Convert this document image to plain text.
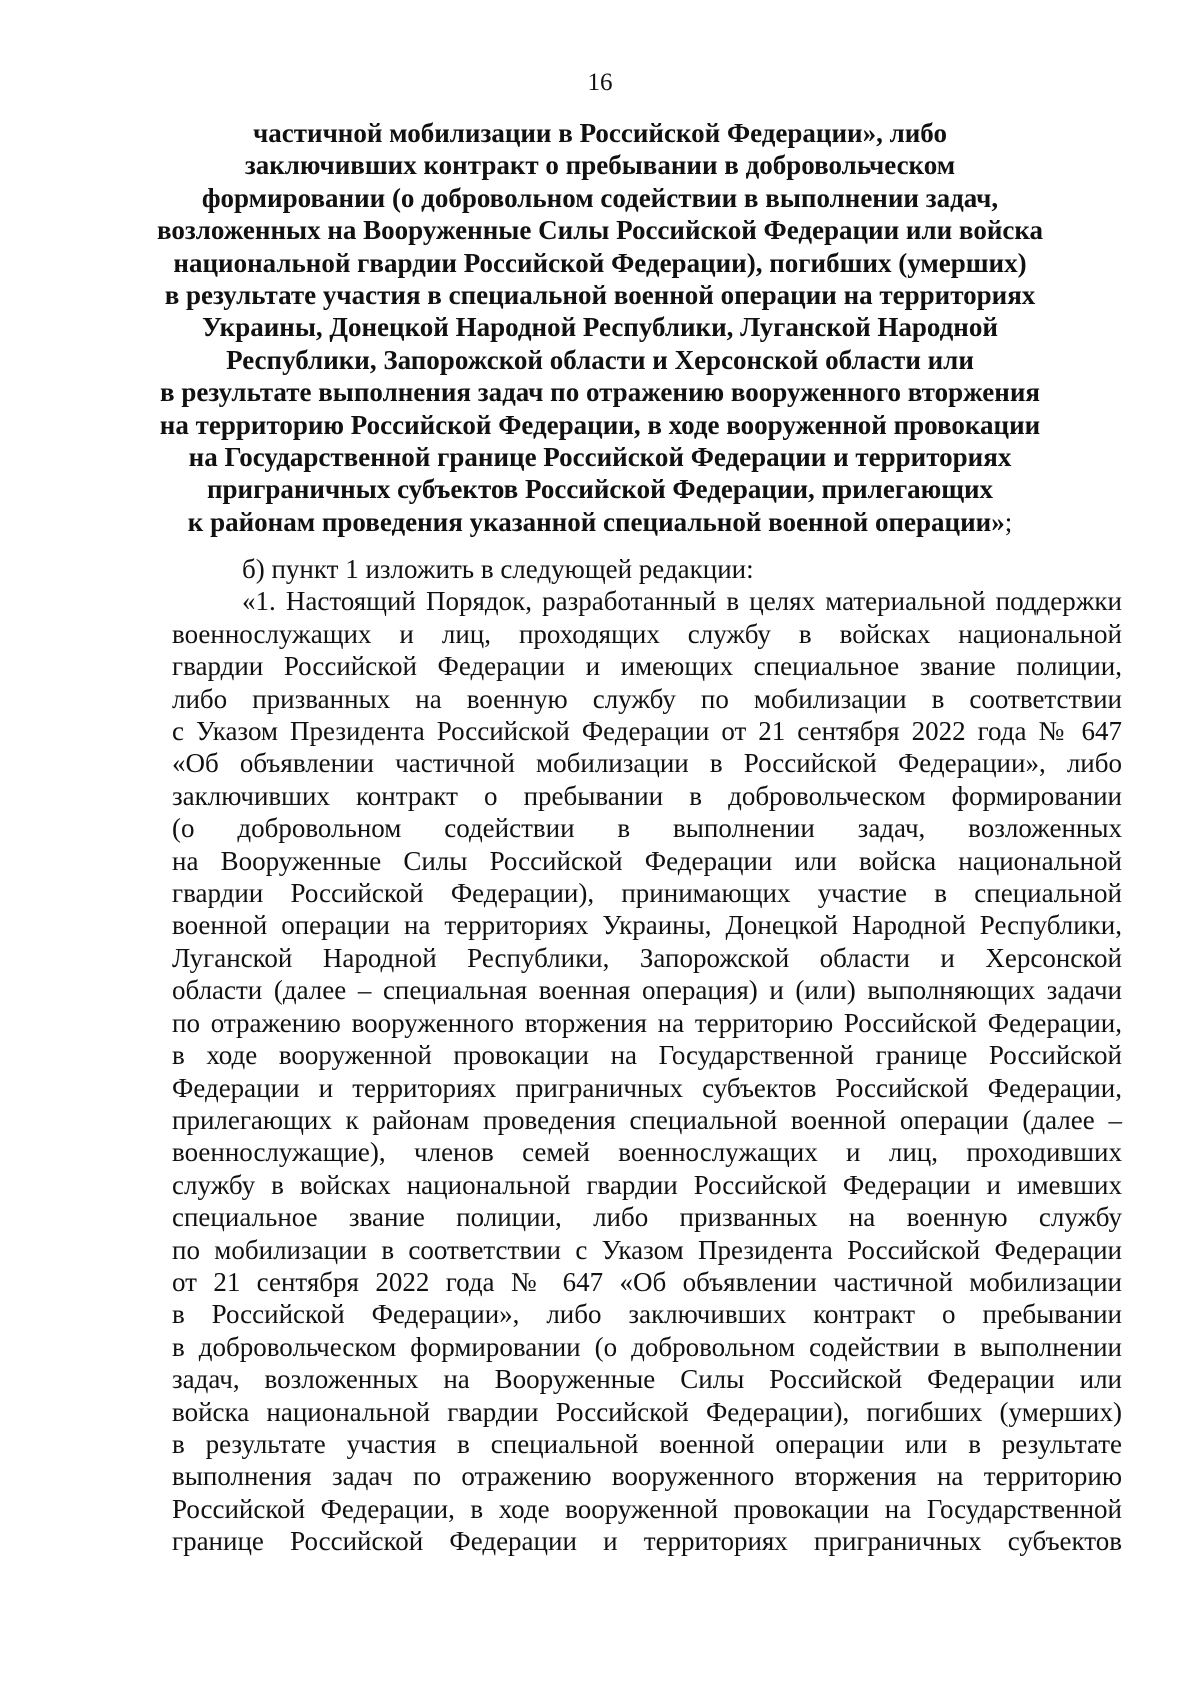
16
частичной мобилизации в Российской Федерации», либо
заключивших контракт о пребывании в добровольческом
формировании (о добровольном содействии в выполнении задач,
возложенных на Вооруженные Силы Российской Федерации или войска
национальной гвардии Российской Федерации), погибших (умерших)
в результате участия в специальной военной операции на территориях
Украины, Донецкой Народной Республики, Луганской Народной
Республики, Запорожской области и Херсонской области или
в результате выполнения задач по отражению вооруженного вторжения
на территорию Российской Федерации, в ходе вооруженной провокации
на Государственной границе Российской Федерации и территориях
приграничных субъектов Российской Федерации, прилегающих
к районам проведения указанной специальной военной операции»;
б) пункт 1 изложить в следующей редакции:
«1. Настоящий Порядок, разработанный в целях материальной поддержки
военнослужащих и лиц, проходящих службу в войсках национальной
гвардии Российской Федерации и имеющих специальное звание полиции,
либо призванных на военную службу по мобилизации в соответствии
с Указом Президента Российской Федерации от 21 сентября 2022 года № 647
«Об объявлении частичной мобилизации в Российской Федерации», либо
заключивших контракт о пребывании в добровольческом формировании
(о добровольном содействии в выполнении задач, возложенных
на Вооруженные Силы Российской Федерации или войска национальной
гвардии Российской Федерации), принимающих участие в специальной
военной операции на территориях Украины, Донецкой Народной Республики,
Луганской Народной Республики, Запорожской области и Херсонской
области (далее – специальная военная операция) и (или) выполняющих задачи
по отражению вооруженного вторжения на территорию Российской Федерации,
в ходе вооруженной провокации на Государственной границе Российской
Федерации и территориях приграничных субъектов Российской Федерации,
прилегающих к районам проведения специальной военной операции (далее –
военнослужащие), членов семей военнослужащих и лиц, проходивших
службу в войсках национальной гвардии Российской Федерации и имевших
специальное звание полиции, либо призванных на военную службу
по мобилизации в соответствии с Указом Президента Российской Федерации
от 21 сентября 2022 года № 647 «Об объявлении частичной мобилизации
в Российской Федерации», либо заключивших контракт о пребывании
в добровольческом формировании (о добровольном содействии в выполнении
задач, возложенных на Вооруженные Силы Российской Федерации или
войска национальной гвардии Российской Федерации), погибших (умерших)
в результате участия в специальной военной операции или в результате
выполнения задач по отражению вооруженного вторжения на территорию
Российской Федерации, в ходе вооруженной провокации на Государственной
границе Российской Федерации и территориях приграничных субъектов
